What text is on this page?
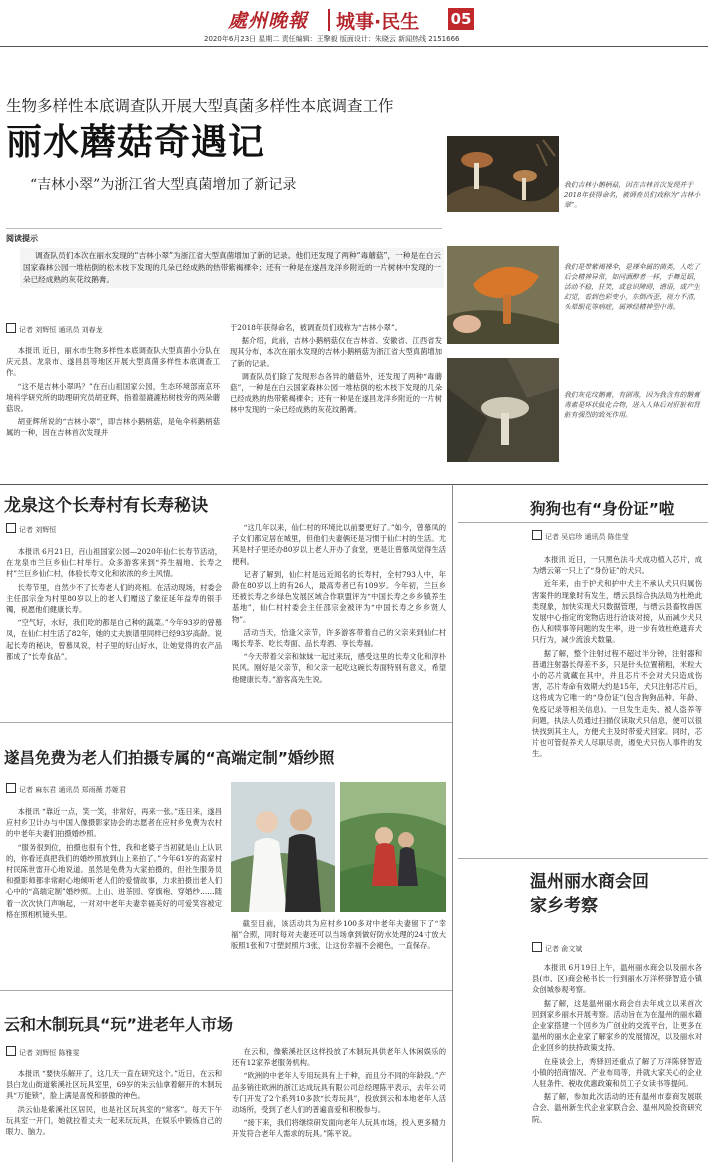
處州晚報 城事·民生 05
2020年6月23日 星期二 责任编辑：王擎毅 版面设计：朱晓云 新闻热线 2151666
生物多样性本底调查队开展大型真菌多样性本底调查工作
丽水蘑菇奇遇记
“吉林小翠”为浙江省大型真菌增加了新记录
阅读提示
调查队员们本次在丽水发现的“吉林小翠”为浙江省大型真菌增加了新的记录。他们还发现了两种“毒蘑菇”，一种是在白云国家森林公园一堆枯倒的松木枝下发现的几朵已经成熟的热带紫褐裸伞；还有一种是在遂昌龙洋乡附近的一片树林中发现的一朵已经成熟的灰花纹鹅膏。
记者 刘辉恒 通讯员 刘春龙

本报讯 近日，丽水市生物多样性本底调查队大型真菌小分队在庆元县、龙泉市、遂昌县等地区开展大型真菌多样性本底调查工作。

“这不是吉林小翠吗？”在百山祖国家公园，生态环境部南京环境科学研究所的助理研究员胡亚辉，指着湿漉漉枯树枝旁的两朵蘑菇说。

胡亚辉所说的“吉林小翠”，即吉林小鹅柄菇，是龟伞科鹅柄菇属的一种，因在吉林首次发现并

于2018年获得命名，被调查员们戏称为“吉林小翠”。

据介绍，此前，吉林小鹅柄菇仅在吉林省、安徽省、江西省发现其分布，本次在丽水发现的吉林小鹅柄菇为浙江省大型真菌增加了新的记录。

调查队员们除了发现形态各异的蘑菇外，还发现了两种“毒蘑菇”，一种是在白云国家森林公园一堆枯倒的松木枝下发现的几朵已经成熟的热带紫褐裸伞；还有一种是在遂昌龙洋乡附近的一片树林中发现的一朵已经成熟的灰花纹鹅膏。

我们吉林小鹅柄菇，因在吉林首次发现并于2018年获得命名，被调查员们戏称为“吉林小翠”。
我们是带紫褐裸伞，是裸伞属的菌类，人吃了后会精神异常，如同酒醉者一样，手舞足蹈，活动不稳，狂笑，或意识障碍，谵语，或产生幻觉，看到色彩变小，东倒西歪，视力不清，头晕眼花等病症，属神经精神型中毒。
我们灰花纹鹅膏，有剧毒，因为我含有的鹅膏毒素是环状肽化合物，进入人体后对肝脏和肾脏有强烈的致死作用。
龙泉这个长寿村有长寿秘诀
记者 刘辉恒

本报讯 6月21日，百山祖国家公园—2020年仙仁长寿节活动，在龙泉市兰巨乡仙仁村举行。众多游客来到“养生福地、长寿之村”兰巨乡仙仁村，体验长寿文化和浓浓的乡土风情。

长寿节里，自然少不了长寿老人们的亮相。在活动现场，村委会主任邵宗金为村里80岁以上的老人们赠送了象征延年益寿的银手镯，祝愿他们健康长寿。

“空气好，水好，我们吃的都是自己种的蔬菜。”今年93岁的曾慕凤，在仙仁村生活了82年，她的丈夫族谱里同样已经93岁高龄。说起长寿的秘诀，曾慕凤说，村子里的好山好水，让她觉得的农产品都成了“长寿食品”。

“这几年以来，仙仁村的环境比以前要更好了。”如今，曾慕凤的子女们都定居在城里，但他们夫妻俩还是习惯于仙仁村的生活。尤其是村子里还办80岁以上老人开办了食堂，更是让曾慕凤觉得生活便利。

记者了解到，仙仁村是远近闻名的长寿村，全村793人中，年龄在80岁以上的有26人，最高寿者已有109岁。今年初，兰巨乡还被长寿之乡绿色发展区域合作联盟评为“中国长寿之乡乡镇养生基地”，仙仁村村委会主任邵宗金被评为“中国长寿之乡乡贤人物”。

活动当天，恰逢父亲节，许多游客带着自己的父亲来到仙仁村喝长寿茶、吃长寿面、品长寿酒、享长寿福。

“今天带着父亲和妹妹一起过来玩，感受这里的长寿文化和淳朴民风。刚好是父亲节，和父亲一起吃这碗长寿面特别有意义，希望他健康长寿。”游客高先生说。

遂昌免费为老人们拍摄专属的“高端定制”婚纱照
记者 麻东君 通讯员 郑雨薇 苏姬君

本报讯 “靠近一点，笑一笑，非常好，再来一张。”连日来，遂昌应村乡卫计办与中国人像摄影家协会的志愿者在应村乡免费为农村的中老年夫妻们拍摄婚纱照。

“服务很到位，拍摄也很有个性，我和老婆子当初就是山上认识的，你看还真把我们的婚纱照放到山上来拍了。”今年61岁的高家村村民陈世雷开心地说道。虽然是免费为大家拍摄的，但社生服务员和摄影师都非常耐心地倾听老人们的爱情故事，力求拍摄出老人们心中的“高端定制”婚纱照。上山、进茶园、穿旗袍、穿婚纱……随着一次次快门声响起，一对对中老年夫妻幸福美好的可爱笑容被定格在照相机镜头里。

截至目前，该活动共为应村乡100多对中老年夫妻留下了“幸福”合照，同时每对夫妻还可以当场拿到做好防水处理的24寸放大版照1张和7寸塑封照片3张，让这份幸福不会褪色，一直保存。

云和木制玩具“玩”进老年人市场
记者 刘辉恒 陈雅雯

本报讯 “要快乐解开了，这几天一直在研究这个。”近日，在云和县白龙山街道紫溪社区玩具室里，69岁的朱云仙拿着解开的木制玩具“万能锁”，脸上满是喜悦和骄傲的神色。

洪云仙是紫溪社区居民，也是社区玩具室的“常客”。每天下午玩具室一开门，她就拉着丈夫一起来玩玩具，在娱乐中锻炼自己的眼力、脑力。

在云和，像紫溪社区这样投放了木制玩具供老年人休闲娱乐的还有12家养老服务机构。

“欧洲的中老年人专用玩具有上千种，而且分不同的年龄段。”产品多销往欧洲的浙江达成玩具有限公司总经理陈平表示，去年公司专门开发了2个系列10多款“长寿玩具”，投放到云和本地老年人活动场所，受到了老人们的普遍喜爱和积极参与。

“接下来，我们将继续研发面向老年人玩具市场，投入更多精力开发符合老年人需求的玩具。”陈平说。

狗狗也有“身份证”啦
记者 吴启珍 通讯员 陈佳莹

本报讯 近日，一只黑色法斗犬成功植入芯片，成为缙云第一只上了“身份证”的犬只。

近年来，由于护犬和护中犬主不承认犬只归属伤害案件的现象时有发生，缙云县综合执法局为杜绝此类现象，加快实现犬只数据管理，与缙云县畜牧兽医发展中心指定的宠物店进行洽谈对接，从而减少犬只伤人和犊事等问题的发生率，进一步有效杜绝遗弃犬只行为，减少流浪犬数量。

据了解，整个注射过程不超过半分钟，注射器和普通注射器长得差不多，只是针头位置稍粗，米粒大小的芯片就藏在其中，并且芯片不会对犬只造成伤害，芯片寿命有效期大约是15年，犬只注射芯片后，这将成为它唯一的“身份证”(包含狗狗品种、年龄、免疫记录等相关信息)。一旦发生走失、被人盗养等问题，执法人员通过扫描仪读取犬只信息，便可以很快找到其主人，方便犬主及时带爱犬回家。同时，芯片也可管促养犬人尽职尽责，遏免犬只伤人事件的发生。

温州丽水商会回家乡考察
记者 俞文斌

本报讯 6月19日上午，温州丽水商会以及丽水各县(市、区)商会秘书长一行到丽水万洋杯驿智造小镇众创城参观考察。

据了解，这是温州丽水商会自去年成立以来首次回到家乡丽水开展考察。活动旨在为在温州的丽水籍企业家搭建一个回乡为广创业的交流平台，让更多在温州的丽水企业家了解家乡的发展情况，以及丽水对企业回乡的扶持政策支持。

在座谈会上，秀驿回还重点了解了万洋陈驿智造小镇的招商情况、产业布局等，并就大家关心的企业人驻条件、税收优惠政策和员工子女读书等提问。

据了解，参加此次活动的还有温州市泰商发展联合会、温州新生代企业家联合会、温州风险投资研究院。
